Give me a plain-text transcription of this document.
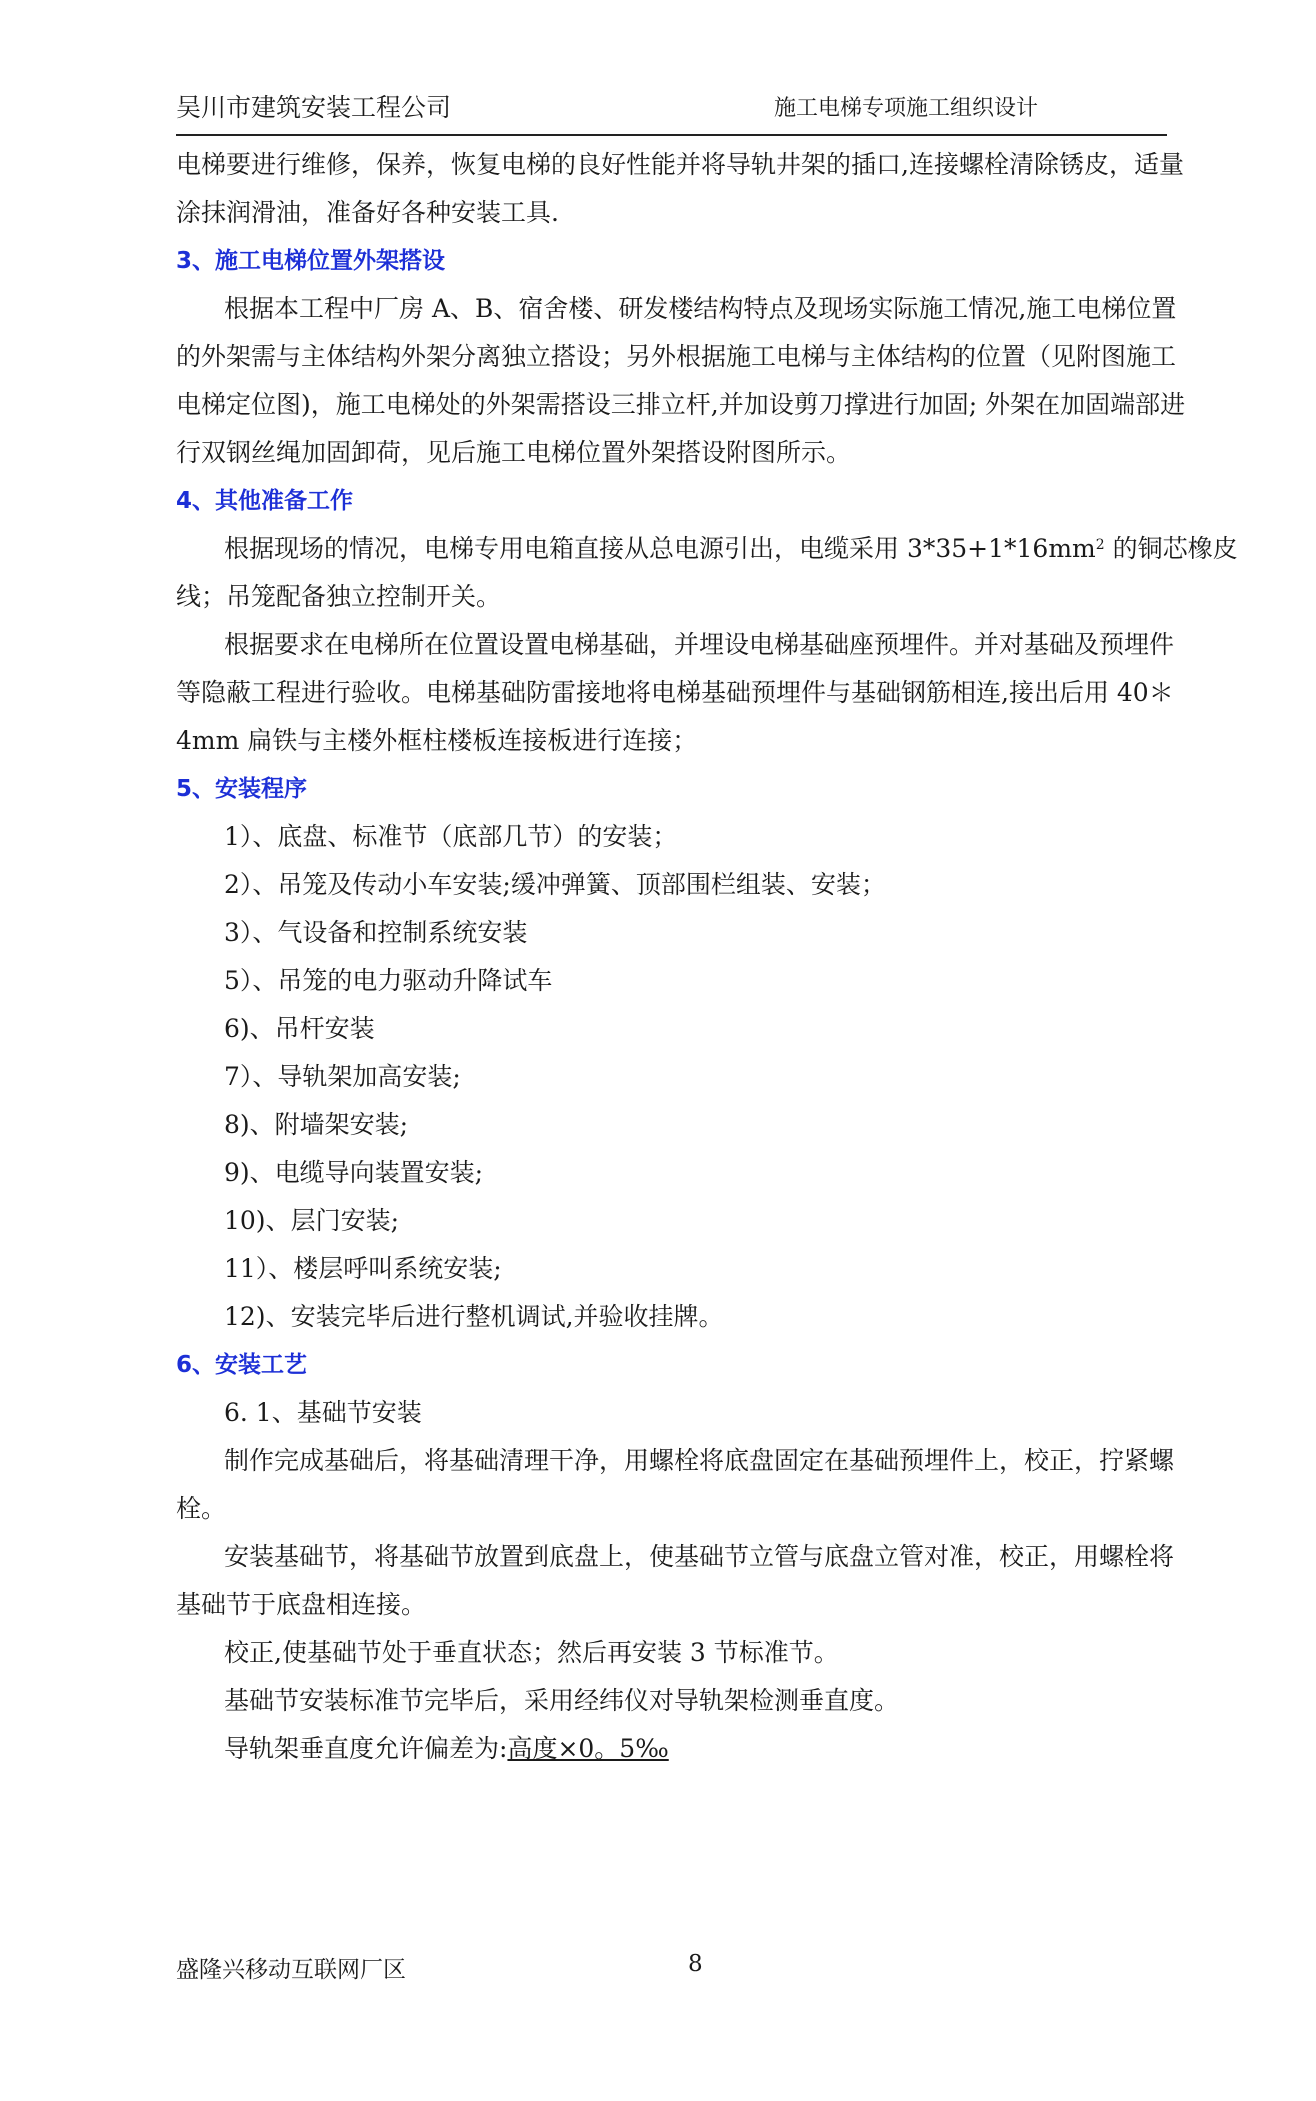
吴川市建筑安装工程公司	施工电梯专项施工组织设计
电梯要进行维修，保养，恢复电梯的良好性能并将导轨井架的插口,连接螺栓清除锈皮，适量
涂抹润滑油，准备好各种安装工具.
3、施工电梯位置外架搭设
根据本工程中厂房 A、B、宿舍楼、研发楼结构特点及现场实际施工情况,施工电梯位置
的外架需与主体结构外架分离独立搭设；另外根据施工电梯与主体结构的位置（见附图施工
电梯定位图)，施工电梯处的外架需搭设三排立杆,并加设剪刀撑进行加固; 外架在加固端部进
行双钢丝绳加固卸荷，见后施工电梯位置外架搭设附图所示。
4、其他准备工作
根据现场的情况，电梯专用电箱直接从总电源引出，电缆采用 $3*35+1*16mm^2$ 的铜芯橡皮
线；吊笼配备独立控制开关。
根据要求在电梯所在位置设置电梯基础，并埋设电梯基础座预埋件。并对基础及预埋件
等隐蔽工程进行验收。电梯基础防雷接地将电梯基础预埋件与基础钢筋相连,接出后用 40＊
4mm 扁铁与主楼外框柱楼板连接板进行连接；
5、安装程序
1）、底盘、标准节（底部几节）的安装；
2）、吊笼及传动小车安装;缓冲弹簧、顶部围栏组装、安装；
3）、气设备和控制系统安装
5）、吊笼的电力驱动升降试车
6)、吊杆安装
7）、导轨架加高安装;
8)、附墙架安装;
9)、电缆导向装置安装;
10)、层门安装;
11）、楼层呼叫系统安装;
12)、安装完毕后进行整机调试,并验收挂牌。
6、安装工艺
6. 1、基础节安装
制作完成基础后，将基础清理干净，用螺栓将底盘固定在基础预埋件上，校正，拧紧螺
栓。
安装基础节，将基础节放置到底盘上，使基础节立管与底盘立管对准，校正，用螺栓将
基础节于底盘相连接。
校正,使基础节处于垂直状态；然后再安装 3 节标准节。
基础节安装标准节完毕后，采用经纬仪对导轨架检测垂直度。
导轨架垂直度允许偏差为:高度×0。5‰
盛隆兴移动互联网厂区	8
